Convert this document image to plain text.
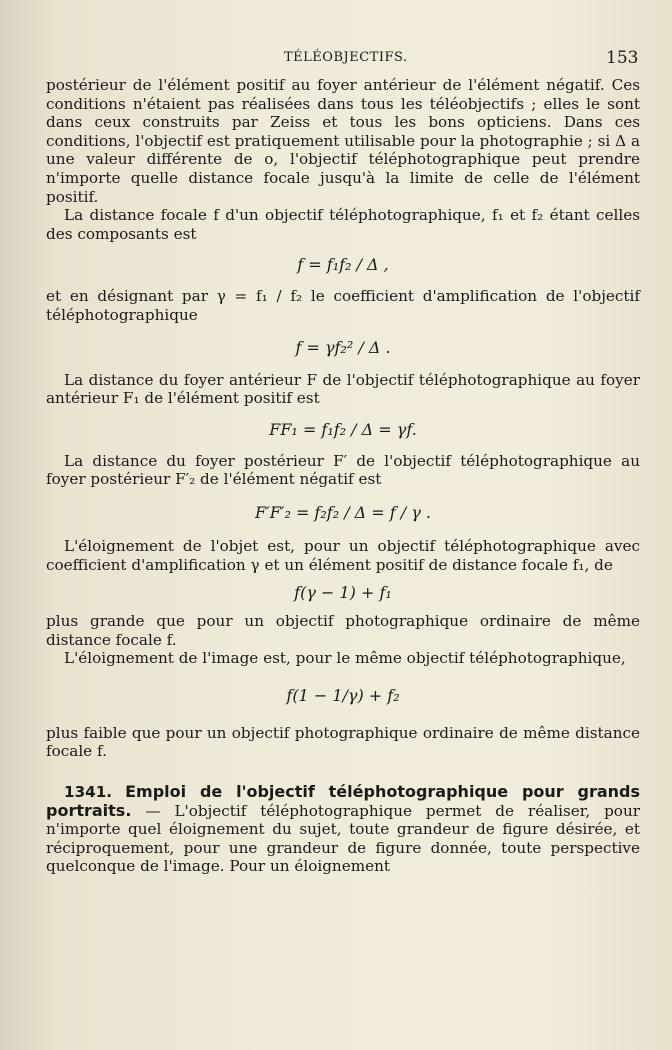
TÉLÉOBJECTIFS.	153

postérieur de l'élément positif au foyer antérieur de l'élément négatif. Ces conditions n'étaient pas réalisées dans tous les téléobjectifs ; elles le sont dans ceux construits par Zeiss et tous les bons opticiens. Dans ces conditions, l'objectif est pratiquement utilisable pour la photographie ; si Δ a une valeur différente de o, l'objectif téléphotographique peut prendre n'importe quelle distance focale jusqu'à la limite de celle de l'élément positif.

La distance focale f d'un objectif téléphotographique, f₁ et f₂ étant celles des composants est

f = f₁f₂ / Δ ,

et en désignant par γ = f₁ / f₂ le coefficient d'amplification de l'objectif téléphotographique

f = γf₂² / Δ .

La distance du foyer antérieur F de l'objectif téléphotographique au foyer antérieur F₁ de l'élément positif est

FF₁ = f₁f₂ / Δ = γf.

La distance du foyer postérieur F′ de l'objectif téléphotographique au foyer postérieur F′₂ de l'élément négatif est

F′F′₂ = f₂f₂ / Δ = f / γ .

L'éloignement de l'objet est, pour un objectif téléphotographique avec coefficient d'amplification γ et un élément positif de distance focale f₁, de

f(γ − 1) + f₁

plus grande que pour un objectif photographique ordinaire de même distance focale f.

L'éloignement de l'image est, pour le même objectif téléphotographique,

f(1 − 1/γ) + f₂

plus faible que pour un objectif photographique ordinaire de même distance focale f.

1341. Emploi de l'objectif téléphotographique pour grands portraits. — L'objectif téléphotographique permet de réaliser, pour n'importe quel éloignement du sujet, toute grandeur de figure désirée, et réciproquement, pour une grandeur de figure donnée, toute perspective quelconque de l'image. Pour un éloignement
